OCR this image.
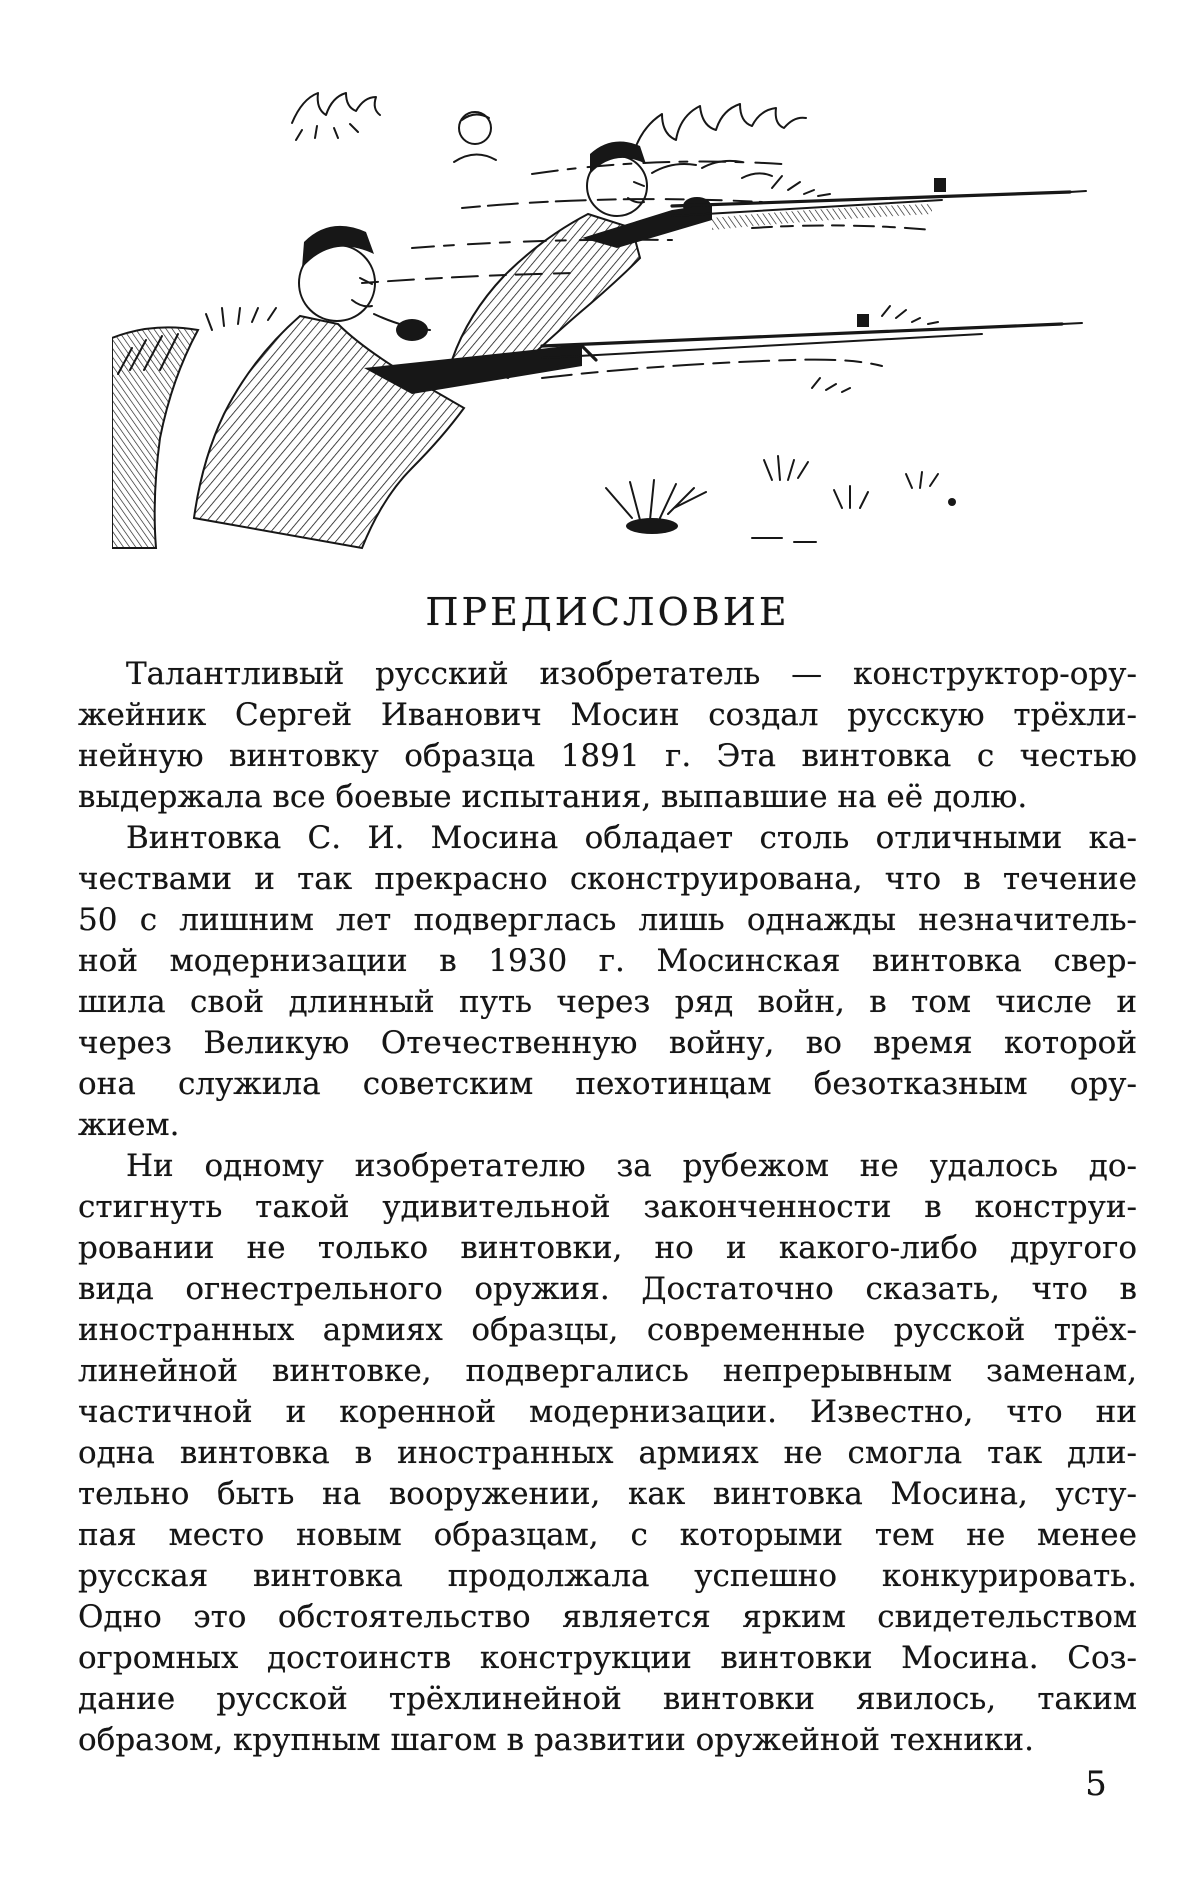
ПРЕДИСЛОВИЕ
Талантливый русский изобретатель — конструктор-ору-
жейник Сергей Иванович Мосин создал русскую трёхли-
нейную винтовку образца 1891 г. Эта винтовка с честью
выдержала все боевые испытания, выпавшие на её долю.
Винтовка С. И. Мосина обладает столь отличными ка-
чествами и так прекрасно сконструирована, что в течение
50 с лишним лет подверглась лишь однажды незначитель-
ной модернизации в 1930 г. Мосинская винтовка свер-
шила свой длинный путь через ряд войн, в том числе и
через Великую Отечественную войну, во время которой
она служила советским пехотинцам безотказным ору-
жием.
Ни одному изобретателю за рубежом не удалось до-
стигнуть такой удивительной законченности в конструи-
ровании не только винтовки, но и какого-либо другого
вида огнестрельного оружия. Достаточно сказать, что в
иностранных армиях образцы, современные русской трёх-
линейной винтовке, подвергались непрерывным заменам,
частичной и коренной модернизации. Известно, что ни
одна винтовка в иностранных армиях не смогла так дли-
тельно быть на вооружении, как винтовка Мосина, усту-
пая место новым образцам, с которыми тем не менее
русская винтовка продолжала успешно конкурировать.
Одно это обстоятельство является ярким свидетельством
огромных достоинств конструкции винтовки Мосина. Соз-
дание русской трёхлинейной винтовки явилось, таким
образом, крупным шагом в развитии оружейной техники.
5
